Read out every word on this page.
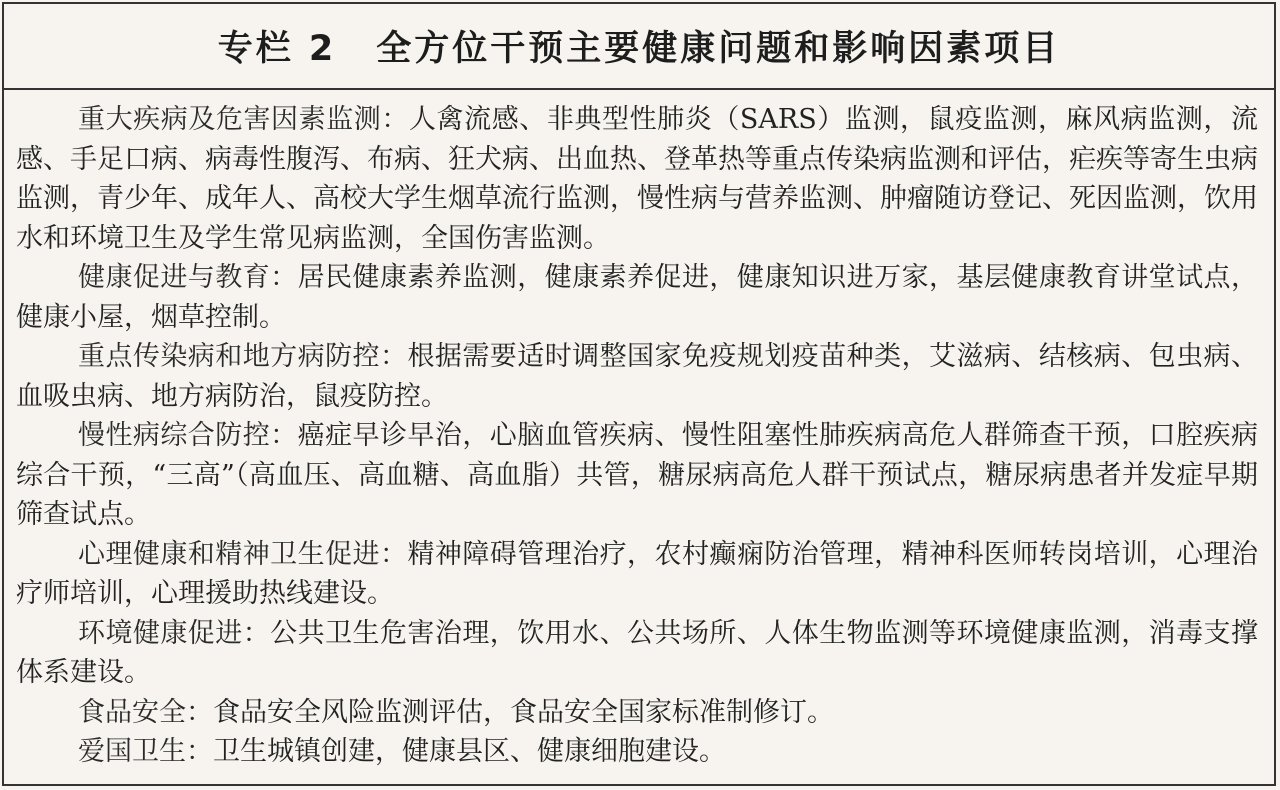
专栏 2 全方位干预主要健康问题和影响因素项目

重大疾病及危害因素监测：人禽流感、非典型性肺炎（SARS）监测，鼠疫监测，麻风病监测，流感、手足口病、病毒性腹泻、布病、狂犬病、出血热、登革热等重点传染病监测和评估，疟疾等寄生虫病监测，青少年、成年人、高校大学生烟草流行监测，慢性病与营养监测、肿瘤随访登记、死因监测，饮用水和环境卫生及学生常见病监测，全国伤害监测。

健康促进与教育：居民健康素养监测，健康素养促进，健康知识进万家，基层健康教育讲堂试点，健康小屋，烟草控制。

重点传染病和地方病防控：根据需要适时调整国家免疫规划疫苗种类，艾滋病、结核病、包虫病、血吸虫病、地方病防治，鼠疫防控。

慢性病综合防控：癌症早诊早治，心脑血管疾病、慢性阻塞性肺疾病高危人群筛查干预，口腔疾病综合干预，“三高”（高血压、高血糖、高血脂）共管，糖尿病高危人群干预试点，糖尿病患者并发症早期筛查试点。

心理健康和精神卫生促进：精神障碍管理治疗，农村癫痫防治管理，精神科医师转岗培训，心理治疗师培训，心理援助热线建设。

环境健康促进：公共卫生危害治理，饮用水、公共场所、人体生物监测等环境健康监测，消毒支撑体系建设。

食品安全：食品安全风险监测评估，食品安全国家标准制修订。

爱国卫生：卫生城镇创建，健康县区、健康细胞建设。
